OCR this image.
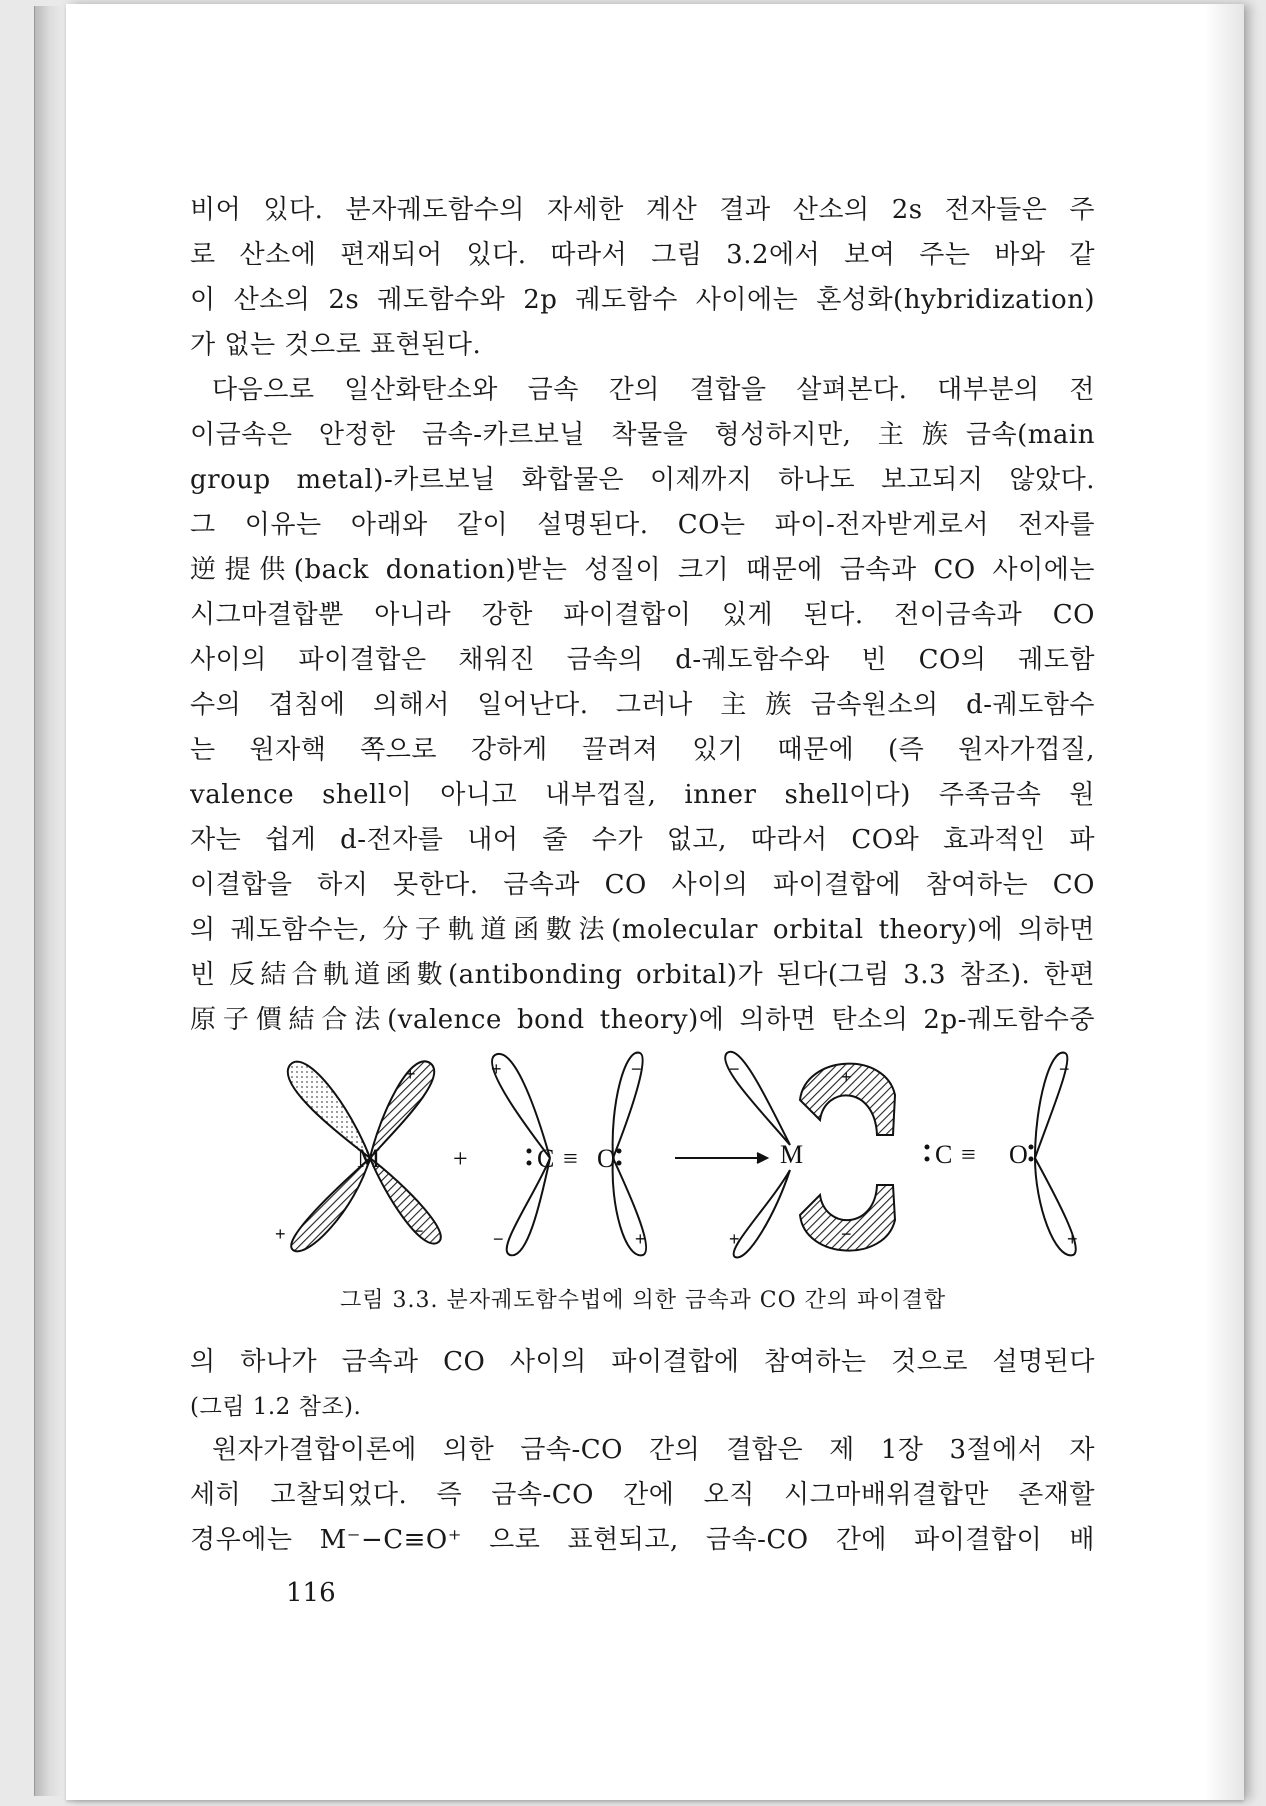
비어 있다. 분자궤도함수의 자세한 계산 결과 산소의 2s 전자들은 주
로 산소에 편재되어 있다. 따라서 그림 3.2에서 보여 주는 바와 같
이 산소의 2s 궤도함수와 2p 궤도함수 사이에는 혼성화(hybridization)
가 없는 것으로 표현된다.
다음으로 일산화탄소와 금속 간의 결합을 살펴본다. 대부분의 전
이금속은 안정한 금속-카르보닐 착물을 형성하지만, 主族금속(main
group metal)-카르보닐 화합물은 이제까지 하나도 보고되지 않았다.
그 이유는 아래와 같이 설명된다. CO는 파이-전자받게로서 전자를
逆提供(back donation)받는 성질이 크기 때문에 금속과 CO 사이에는
시그마결합뿐 아니라 강한 파이결합이 있게 된다. 전이금속과 CO
사이의 파이결합은 채워진 금속의 d-궤도함수와 빈 CO의 궤도함
수의 겹침에 의해서 일어난다. 그러나 主族금속원소의 d-궤도함수
는 원자핵 쪽으로 강하게 끌려져 있기 때문에 (즉 원자가껍질,
valence shell이 아니고 내부껍질, inner shell이다) 주족금속 원
자는 쉽게 d-전자를 내어 줄 수가 없고, 따라서 CO와 효과적인 파
이결합을 하지 못한다. 금속과 CO 사이의 파이결합에 참여하는 CO
의 궤도함수는, 分子軌道函數法(molecular orbital theory)에 의하면
빈 反結合軌道函數(antibonding orbital)가 된다(그림 3.3 참조). 한편
原子價結合法(valence bond theory)에 의하면 탄소의 2p-궤도함수중
M	+	C ≡ O	M	C ≡ O
+
+	−
+	−
−	+
−	+
+	−
−
+
그림 3.3. 분자궤도함수법에 의한 금속과 CO 간의 파이결합
의 하나가 금속과 CO 사이의 파이결합에 참여하는 것으로 설명된다
(그림 1.2 참조).
원자가결합이론에 의한 금속-CO 간의 결합은 제 1장 3절에서 자
세히 고찰되었다. 즉 금속-CO 간에 오직 시그마배위결합만 존재할
경우에는 M⁻−C≡O⁺ 으로 표현되고, 금속-CO 간에 파이결합이 배
116
